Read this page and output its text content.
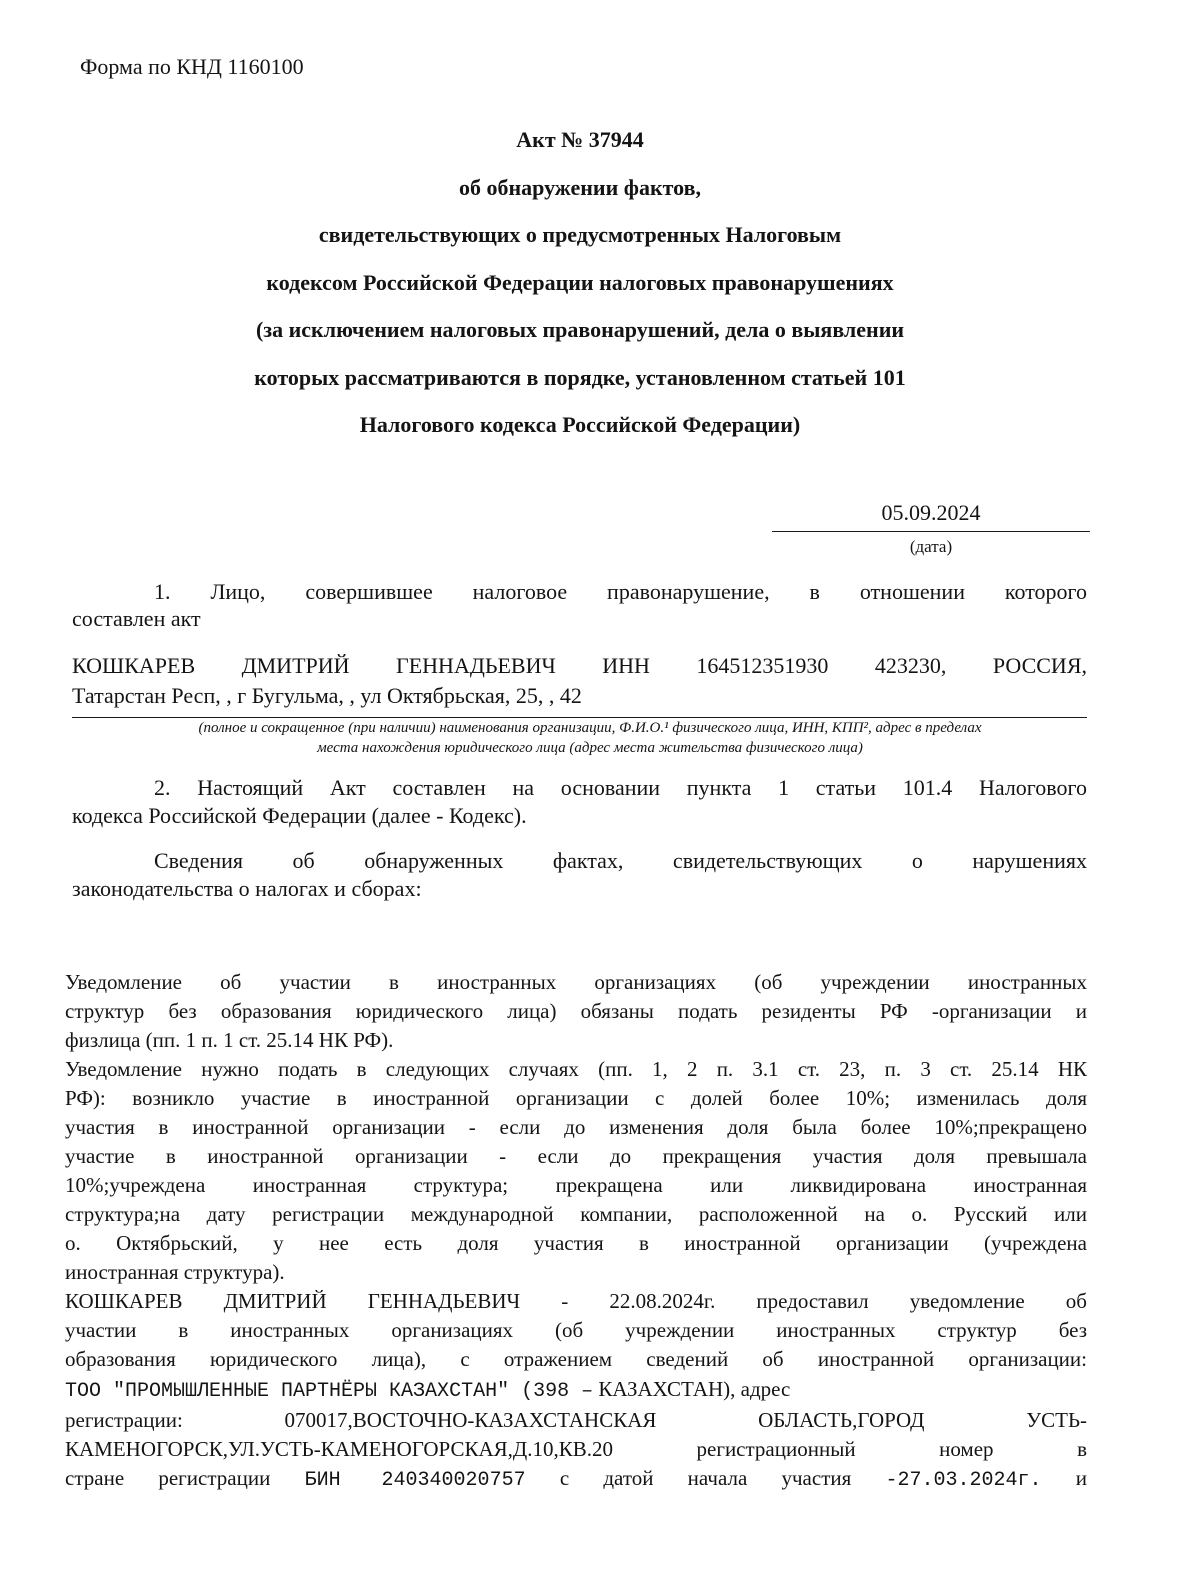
Форма по КНД 1160100
Акт № 37944
об обнаружении фактов,
свидетельствующих о предусмотренных Налоговым
кодексом Российской Федерации налоговых правонарушениях
(за исключением налоговых правонарушений, дела о выявлении
которых рассматриваются в порядке, установленном статьей 101
Налогового кодекса Российской Федерации)
05.09.2024
(дата)
1. Лицо, совершившее налоговое правонарушение, в отношении которого
составлен акт
КОШКАРЕВ ДМИТРИЙ ГЕННАДЬЕВИЧ ИНН 164512351930 423230, РОССИЯ,
Татарстан Респ, , г Бугульма, , ул Октябрьская, 25, , 42
(полное и сокращенное (при наличии) наименования организации, Ф.И.О.¹ физического лица, ИНН, КПП², адрес в пределах
места нахождения юридического лица (адрес места жительства физического лица)
2. Настоящий Акт составлен на основании пункта 1 статьи 101.4 Налогового
кодекса Российской Федерации (далее - Кодекс).
Сведения об обнаруженных фактах, свидетельствующих о нарушениях
законодательства о налогах и сборах:
Уведомление об участии в иностранных организациях (об учреждении иностранных
структур без образования юридического лица) обязаны подать резиденты РФ -организации и
физлица (пп. 1 п. 1 ст. 25.14 НК РФ).
Уведомление нужно подать в следующих случаях (пп. 1, 2 п. 3.1 ст. 23, п. 3 ст. 25.14 НК
РФ): возникло участие в иностранной организации с долей более 10%; изменилась доля
участия в иностранной организации - если до изменения доля была более 10%;прекращено
участие в иностранной организации - если до прекращения участия доля превышала
10%;учреждена иностранная структура; прекращена или ликвидирована иностранная
структура;на дату регистрации международной компании, расположенной на о. Русский или
о. Октябрьский, у нее есть доля участия в иностранной организации (учреждена
иностранная структура).
КОШКАРЕВ ДМИТРИЙ ГЕННАДЬЕВИЧ - 22.08.2024г. предоставил уведомление об
участии в иностранных организациях (об учреждении иностранных структур без
образования юридического лица), с отражением сведений об иностранной организации:
ТОО "ПРОМЫШЛЕННЫЕ ПАРТНЁРЫ КАЗАХСТАН" (398 – КАЗАХСТАН), адрес
регистрации: 070017,ВОСТОЧНО-КАЗАХСТАНСКАЯ ОБЛАСТЬ,ГОРОД УСТЬ-
КАМЕНОГОРСК,УЛ.УСТЬ-КАМЕНОГОРСКАЯ,Д.10,КВ.20 регистрационный номер в
стране регистрации БИН 240340020757 с датой начала участия -27.03.2024г. и
